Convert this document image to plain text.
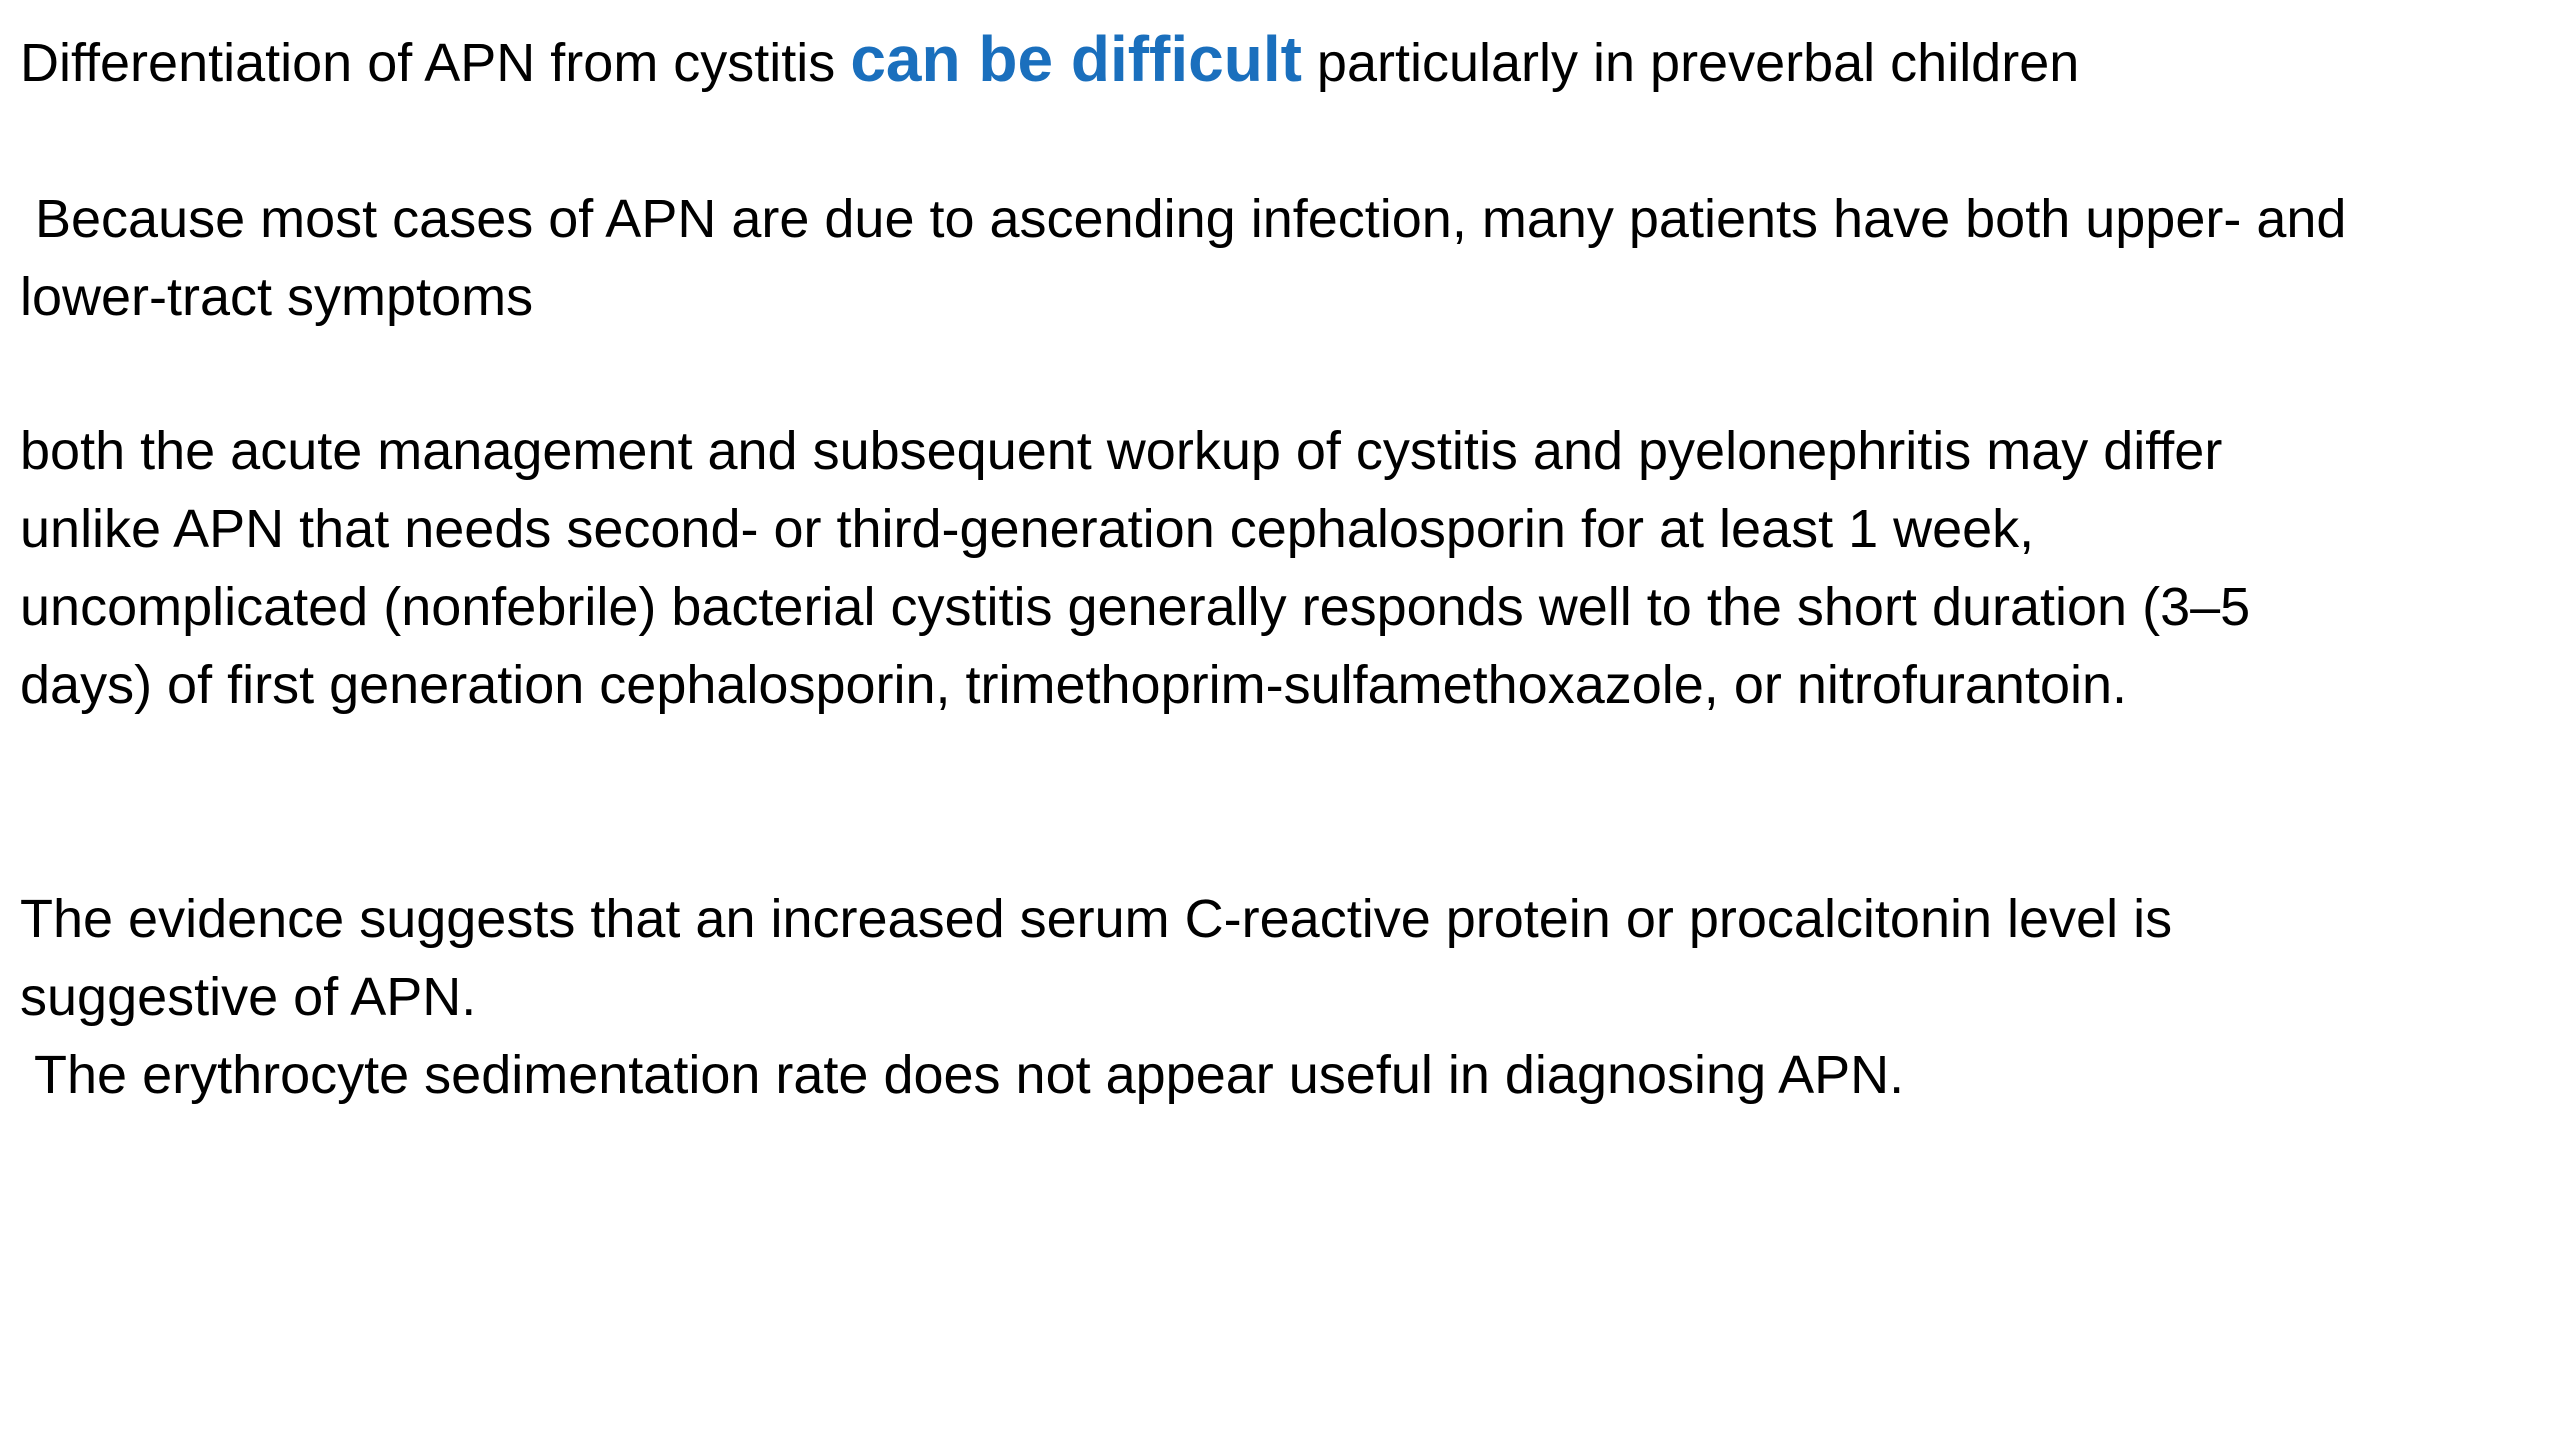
Differentiation of APN from cystitis can be difficult particularly in preverbal children

Because most cases of APN are due to ascending infection, many patients have both upper- and
lower-tract symptoms

both the acute management and subsequent workup of cystitis and pyelonephritis may differ
unlike APN that needs second- or third-generation cephalosporin for at least 1 week,
uncomplicated (nonfebrile) bacterial cystitis generally responds well to the short duration (3–5
days) of first generation cephalosporin, trimethoprim-sulfamethoxazole, or nitrofurantoin.

The evidence suggests that an increased serum C-reactive protein or procalcitonin level is
suggestive of APN.
The erythrocyte sedimentation rate does not appear useful in diagnosing APN.
